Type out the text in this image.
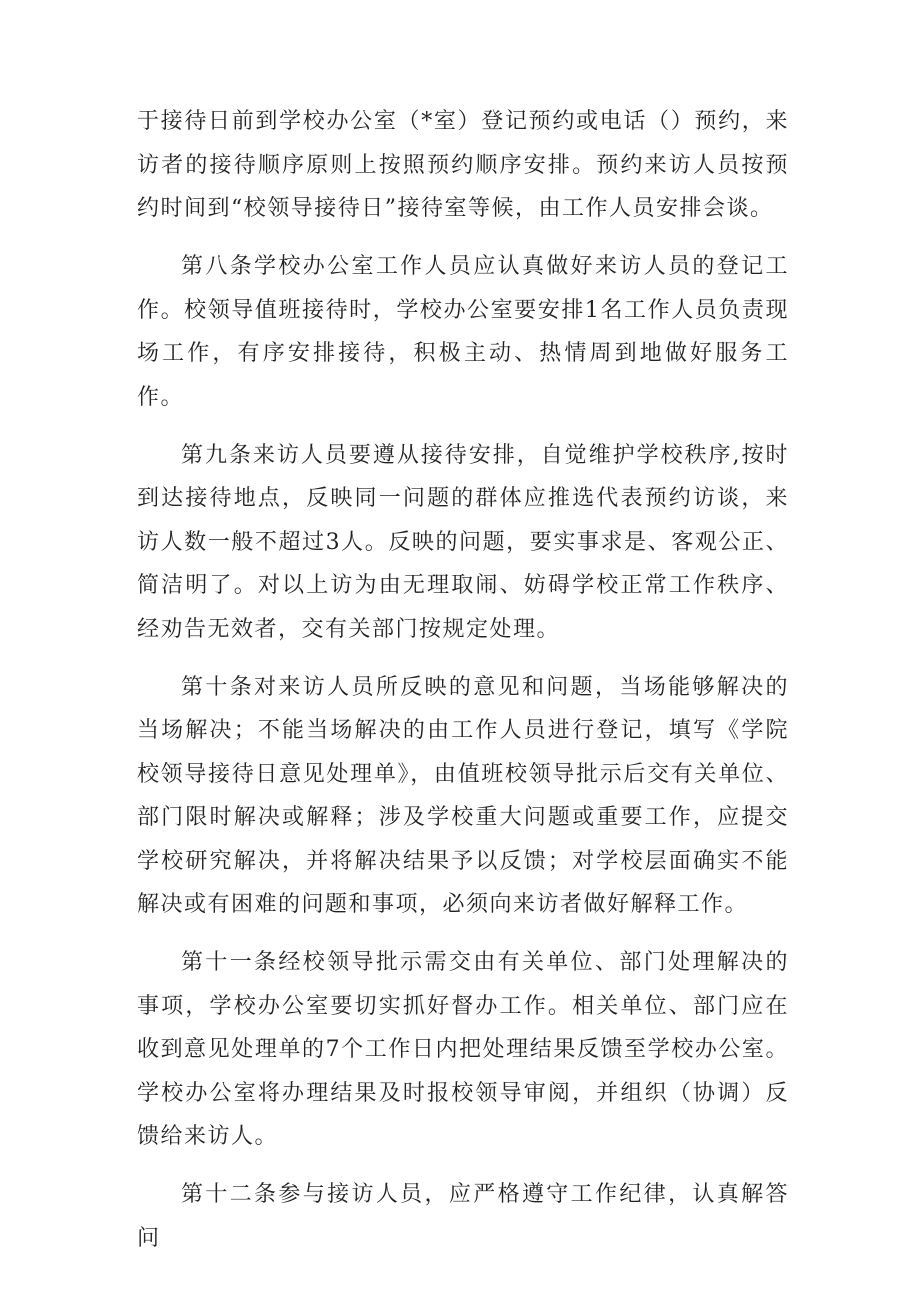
于接待日前到学校办公室（*室）登记预约或电话（）预约，来访者的接待顺序原则上按照预约顺序安排。预约来访人员按预约时间到“校领导接待日”接待室等候，由工作人员安排会谈。

第八条学校办公室工作人员应认真做好来访人员的登记工作。校领导值班接待时，学校办公室要安排1名工作人员负责现场工作，有序安排接待，积极主动、热情周到地做好服务工作。

第九条来访人员要遵从接待安排，自觉维护学校秩序,按时到达接待地点，反映同一问题的群体应推选代表预约访谈，来访人数一般不超过3人。反映的问题，要实事求是、客观公正、简洁明了。对以上访为由无理取闹、妨碍学校正常工作秩序、经劝告无效者，交有关部门按规定处理。

第十条对来访人员所反映的意见和问题，当场能够解决的当场解决；不能当场解决的由工作人员进行登记，填写《学院校领导接待日意见处理单》，由值班校领导批示后交有关单位、部门限时解决或解释；涉及学校重大问题或重要工作，应提交学校研究解决，并将解决结果予以反馈；对学校层面确实不能解决或有困难的问题和事项，必须向来访者做好解释工作。

第十一条经校领导批示需交由有关单位、部门处理解决的事项，学校办公室要切实抓好督办工作。相关单位、部门应在收到意见处理单的7个工作日内把处理结果反馈至学校办公室。学校办公室将办理结果及时报校领导审阅，并组织（协调）反馈给来访人。

第十二条参与接访人员，应严格遵守工作纪律，认真解答问
